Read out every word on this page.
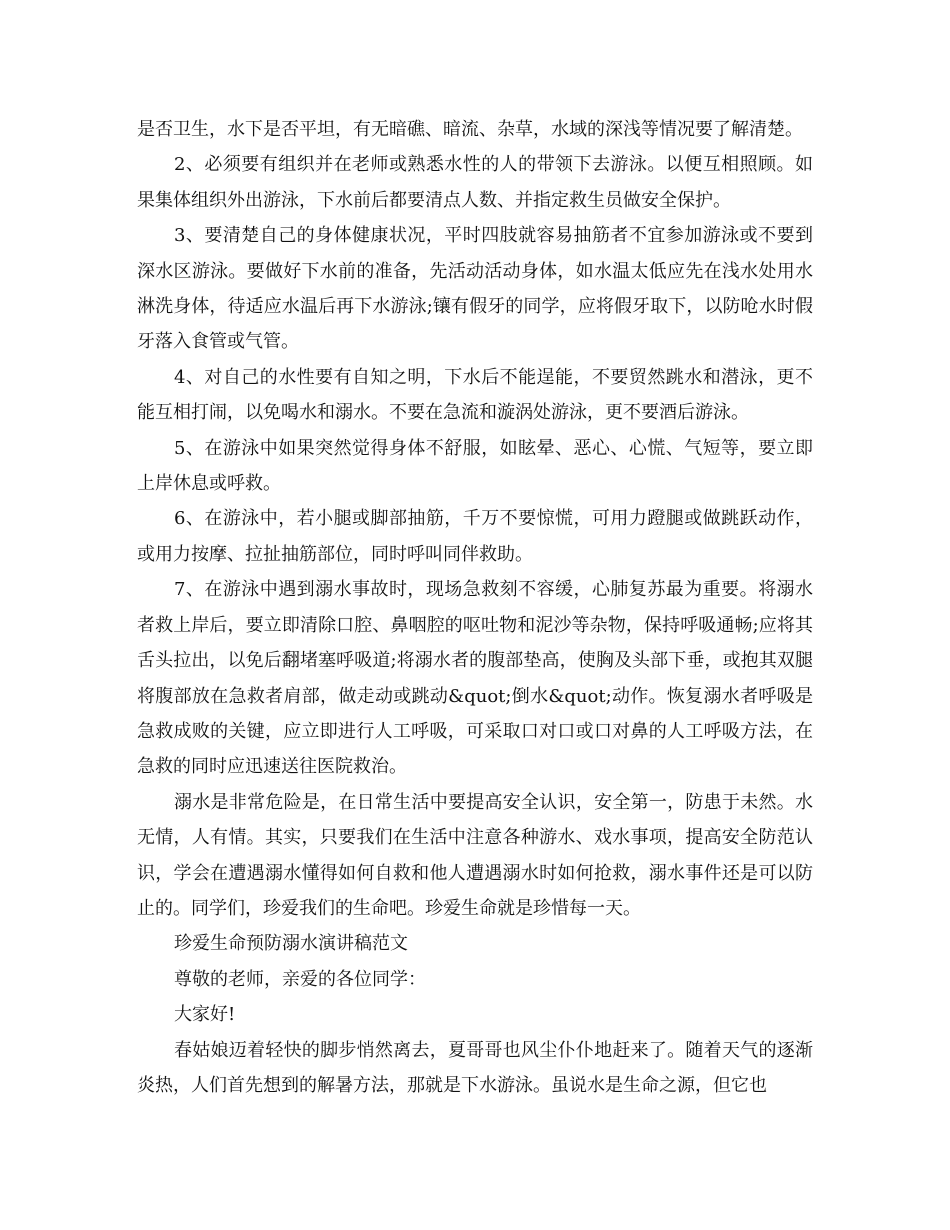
是否卫生，水下是否平坦，有无暗礁、暗流、杂草，水域的深浅等情况要了解清楚。

2、必须要有组织并在老师或熟悉水性的人的带领下去游泳。以便互相照顾。如果集体组织外出游泳，下水前后都要清点人数、并指定救生员做安全保护。

3、要清楚自己的身体健康状况，平时四肢就容易抽筋者不宜参加游泳或不要到深水区游泳。要做好下水前的准备，先活动活动身体，如水温太低应先在浅水处用水淋洗身体，待适应水温后再下水游泳;镶有假牙的同学，应将假牙取下，以防呛水时假牙落入食管或气管。

4、对自己的水性要有自知之明，下水后不能逞能，不要贸然跳水和潜泳，更不能互相打闹，以免喝水和溺水。不要在急流和漩涡处游泳，更不要酒后游泳。

5、在游泳中如果突然觉得身体不舒服，如眩晕、恶心、心慌、气短等，要立即上岸休息或呼救。

6、在游泳中，若小腿或脚部抽筋，千万不要惊慌，可用力蹬腿或做跳跃动作，或用力按摩、拉扯抽筋部位，同时呼叫同伴救助。

7、在游泳中遇到溺水事故时，现场急救刻不容缓，心肺复苏最为重要。将溺水者救上岸后，要立即清除口腔、鼻咽腔的呕吐物和泥沙等杂物，保持呼吸通畅;应将其舌头拉出，以免后翻堵塞呼吸道;将溺水者的腹部垫高，使胸及头部下垂，或抱其双腿将腹部放在急救者肩部，做走动或跳动&quot;倒水&quot;动作。恢复溺水者呼吸是急救成败的关键，应立即进行人工呼吸，可采取口对口或口对鼻的人工呼吸方法，在急救的同时应迅速送往医院救治。

溺水是非常危险是，在日常生活中要提高安全认识，安全第一，防患于未然。水无情，人有情。其实，只要我们在生活中注意各种游水、戏水事项，提高安全防范认识，学会在遭遇溺水懂得如何自救和他人遭遇溺水时如何抢救，溺水事件还是可以防止的。同学们，珍爱我们的生命吧。珍爱生命就是珍惜每一天。

珍爱生命预防溺水演讲稿范文

尊敬的老师，亲爱的各位同学：

大家好!

春姑娘迈着轻快的脚步悄然离去，夏哥哥也风尘仆仆地赶来了。随着天气的逐渐炎热，人们首先想到的解暑方法，那就是下水游泳。虽说水是生命之源，但它也
